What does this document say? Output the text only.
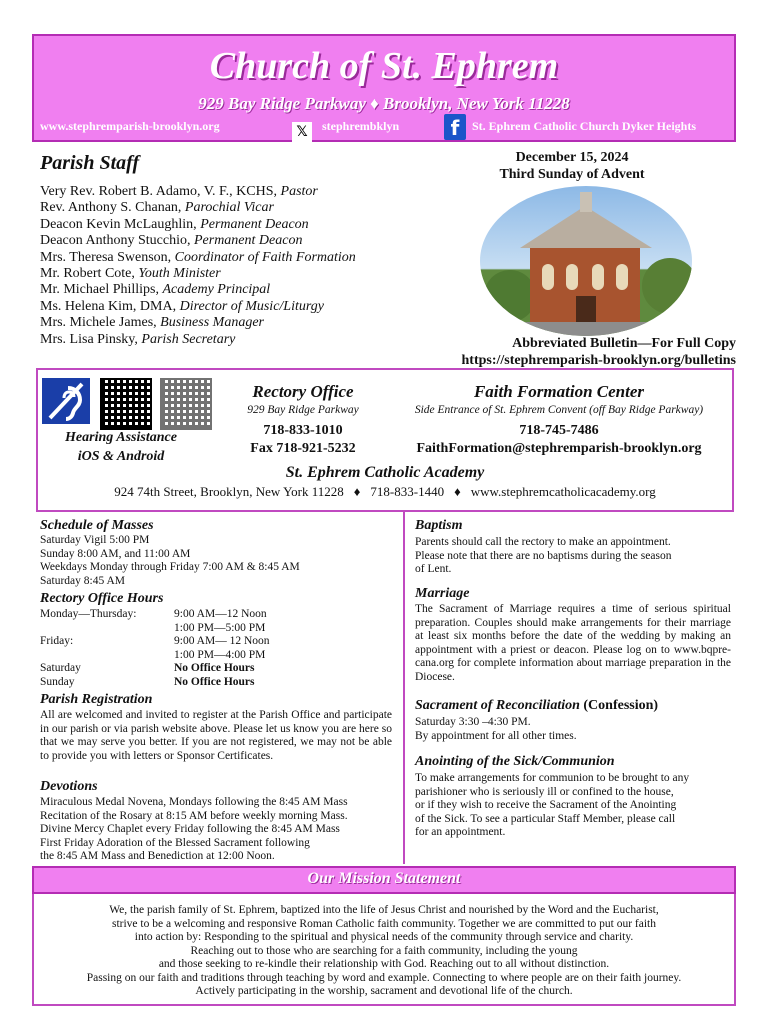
Church of St. Ephrem
929 Bay Ridge Parkway ♦ Brooklyn, New York 11228
www.stephremparish-brooklyn.org	𝕏	stephrembklyn	f	St. Ephrem Catholic Church Dyker Heights
Parish Staff
Very Rev. Robert B. Adamo, V. F., KCHS, Pastor
Rev. Anthony S. Chanan, Parochial Vicar
Deacon Kevin McLaughlin, Permanent Deacon
Deacon Anthony Stucchio, Permanent Deacon
Mrs. Theresa Swenson, Coordinator of Faith Formation
Mr. Robert Cote, Youth Minister
Mr. Michael Phillips, Academy Principal
Ms. Helena Kim, DMA, Director of Music/Liturgy
Mrs. Michele James, Business Manager
Mrs. Lisa Pinsky, Parish Secretary
December 15, 2024
Third Sunday of Advent
Abbreviated Bulletin—For Full Copy
https://stephremparish-brooklyn.org/bulletins
Hearing Assistance
iOS & Android
Rectory Office
929 Bay Ridge Parkway
718-833-1010
Fax 718-921-5232
Faith Formation Center
Side Entrance of St. Ephrem Convent (off Bay Ridge Parkway)
718-745-7486
FaithFormation@stephremparish-brooklyn.org
St. Ephrem Catholic Academy
924 74th Street, Brooklyn, New York 11228 ♦ 718-833-1440 ♦ www.stephremcatholicacademy.org
Schedule of Masses
Saturday Vigil 5:00 PM
Sunday 8:00 AM, and 11:00 AM
Weekdays Monday through Friday 7:00 AM & 8:45 AM
Saturday 8:45 AM
Rectory Office Hours
Monday—Thursday:	9:00 AM—12 Noon
1:00 PM—5:00 PM
Friday:	9:00 AM— 12 Noon
1:00 PM—4:00 PM
Saturday	No Office Hours
Sunday	No Office Hours
Parish Registration
All are welcomed and invited to register at the Parish Office and participate in our parish or via parish website above. Please let us know you are here so that we may serve you better. If you are not registered, we may not be able to provide you with letters or Sponsor Certificates.
Devotions
Miraculous Medal Novena, Mondays following the 8:45 AM Mass
Recitation of the Rosary at 8:15 AM before weekly morning Mass.
Divine Mercy Chaplet every Friday following the 8:45 AM Mass
First Friday Adoration of the Blessed Sacrament following
the 8:45 AM Mass and Benediction at 12:00 Noon.
Baptism
Parents should call the rectory to make an appointment.
Please note that there are no baptisms during the season
of Lent.
Marriage
The Sacrament of Marriage requires a time of serious spiritual preparation. Couples should make arrangements for their marriage at least six months before the date of the wedding by making an appointment with a priest or deacon. Please log on to www.bqpre-cana.org for complete information about marriage preparation in the Diocese.
Sacrament of Reconciliation (Confession)
Saturday 3:30 –4:30 PM.
By appointment for all other times.
Anointing of the Sick/Communion
To make arrangements for communion to be brought to any
parishioner who is seriously ill or confined to the house,
or if they wish to receive the Sacrament of the Anointing
of the Sick. To see a particular Staff Member, please call
for an appointment.
Our Mission Statement
We, the parish family of St. Ephrem, baptized into the life of Jesus Christ and nourished by the Word and the Eucharist,
strive to be a welcoming and responsive Roman Catholic faith community. Together we are committed to put our faith
into action by: Responding to the spiritual and physical needs of the community through service and charity.
Reaching out to those who are searching for a faith community, including the young
and those seeking to re-kindle their relationship with God. Reaching out to all without distinction.
Passing on our faith and traditions through teaching by word and example. Connecting to where people are on their faith journey.
Actively participating in the worship, sacrament and devotional life of the church.
